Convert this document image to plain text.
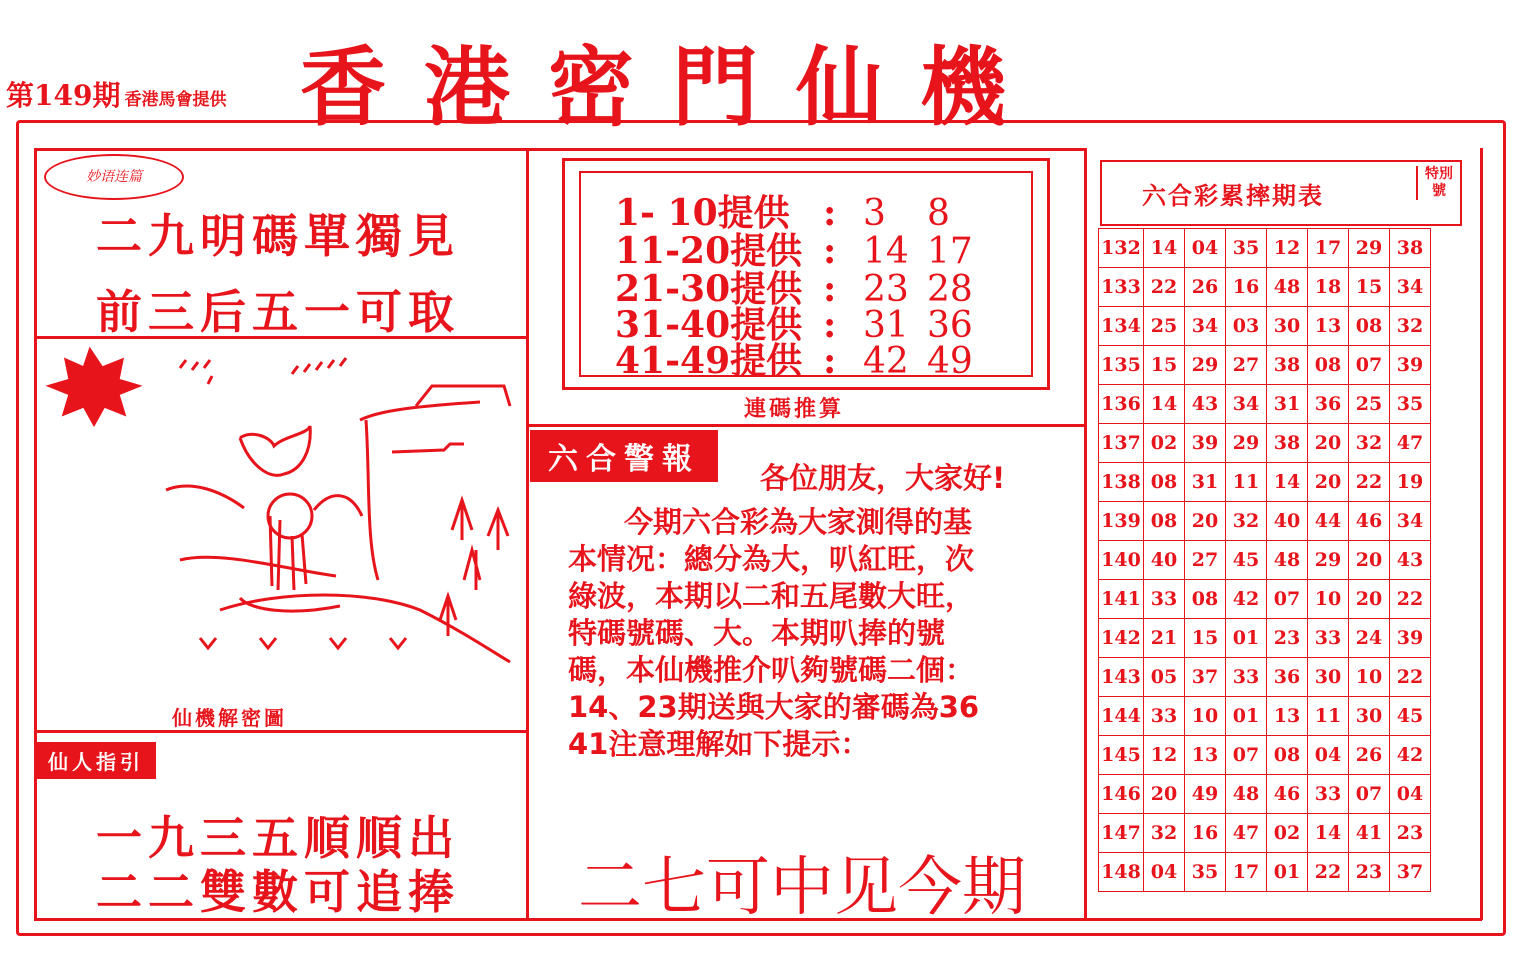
第149期 香港馬會提供 香港密門仙機
妙语连篇
二九明碼單獨見
前三后五一可取
仙機解密圖
仙人指引
一九三五順順出
二二雙數可追捧
1- 10提供 : 3 8
11-20提供 : 14 17
21-30提供 : 23 28
31-40提供 : 31 36
41-49提供 : 42 49
連碼推算
六合警報
各位朋友，大家好!
今期六合彩為大家測得的基
本情况：總分為大，叭紅旺，次
綠波，本期以二和五尾數大旺，
特碼號碼、大。本期叭捧的號
碼，本仙機推介叭夠號碼二個：
14、23期送與大家的審碼為36
41注意理解如下提示：
二七可中见今期
六合彩累摔期表
特別號
132	14	04	35	12	17	29	38
133	22	26	16	48	18	15	34
134	25	34	03	30	13	08	32
135	15	29	27	38	08	07	39
136	14	43	34	31	36	25	35
137	02	39	29	38	20	32	47
138	08	31	11	14	20	22	19
139	08	20	32	40	44	46	34
140	40	27	45	48	29	20	43
141	33	08	42	07	10	20	22
142	21	15	01	23	33	24	39
143	05	37	33	36	30	10	22
144	33	10	01	13	11	30	45
145	12	13	07	08	04	26	42
146	20	49	48	46	33	07	04
147	32	16	47	02	14	41	23
148	04	35	17	01	22	23	37
